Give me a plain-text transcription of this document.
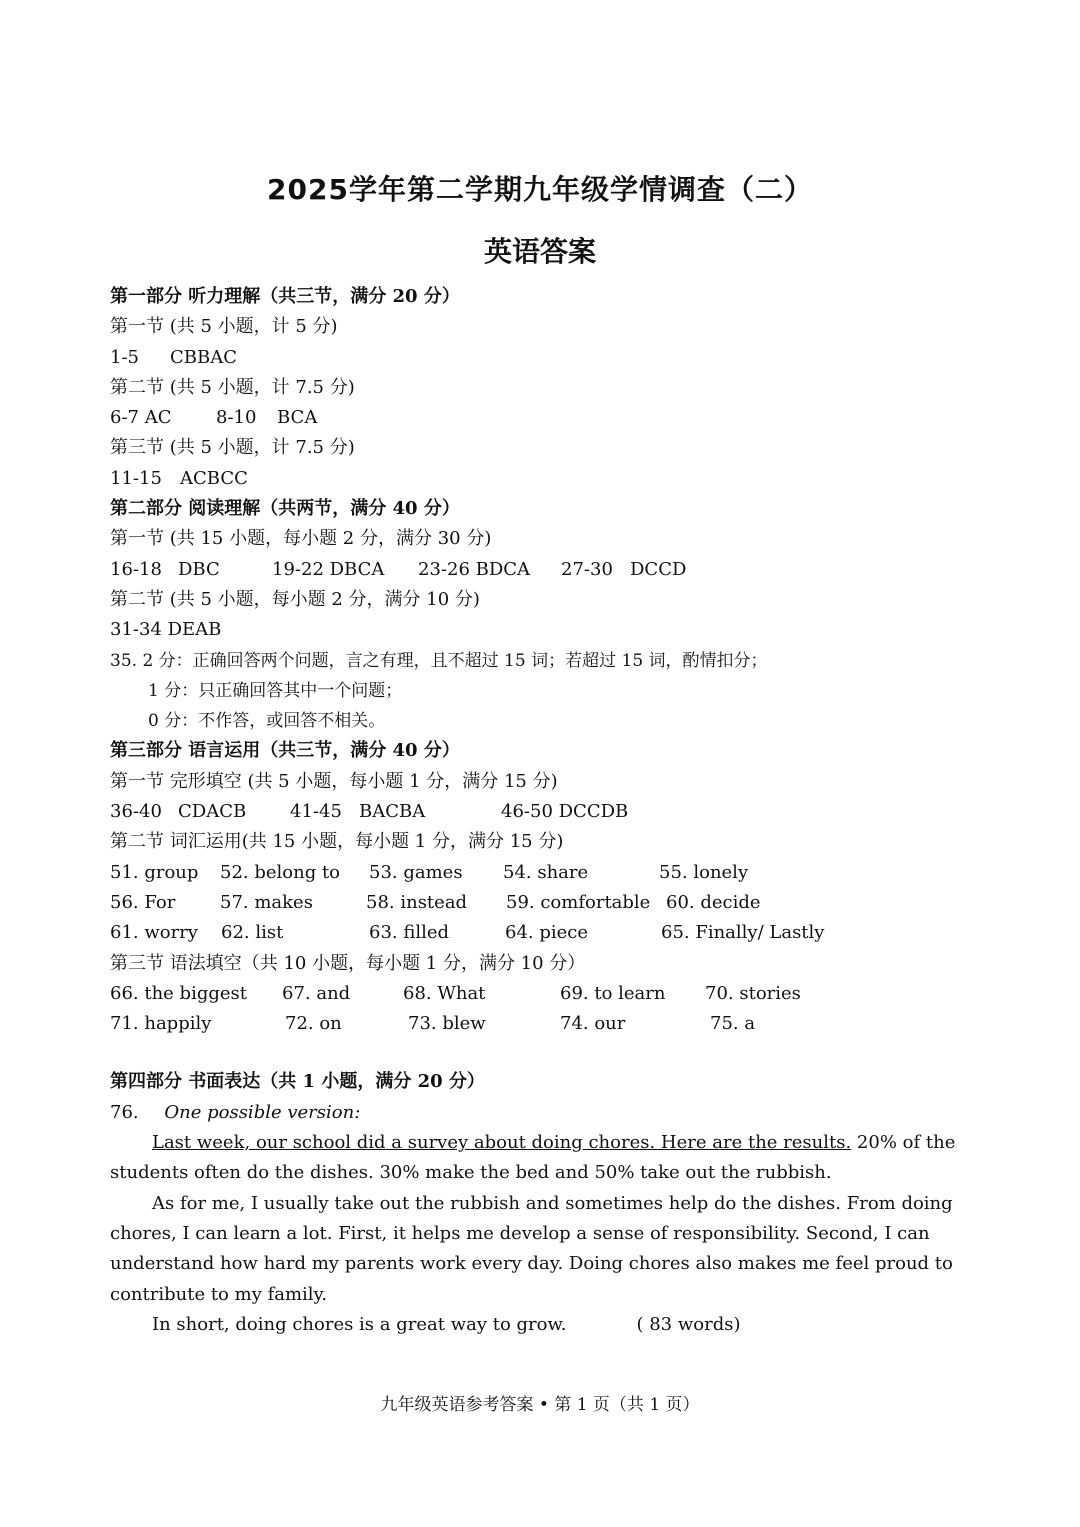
2025学年第二学期九年级学情调查（二）
英语答案
第一部分 听力理解（共三节，满分 20 分）
第一节 (共 5 小题，计 5 分)
1-5 CBBAC
第二节 (共 5 小题，计 7.5 分)
6-7 AC 8-10 BCA
第三节 (共 5 小题，计 7.5 分)
11-15 ACBCC
第二部分 阅读理解（共两节，满分 40 分）
第一节 (共 15 小题，每小题 2 分，满分 30 分)
16-18 DBC	19-22 DBCA 23-26 BDCA 27-30 DCCD
第二节 (共 5 小题，每小题 2 分，满分 10 分)
31-34 DEAB
35. 2 分：正确回答两个问题，言之有理，且不超过 15 词；若超过 15 词，酌情扣分；
1 分：只正确回答其中一个问题；
0 分：不作答，或回答不相关。
第三部分 语言运用（共三节，满分 40 分）
第一节 完形填空 (共 5 小题，每小题 1 分，满分 15 分)
36-40 CDACB 41-45 BACBA	46-50 DCCDB
第二节 词汇运用(共 15 小题，每小题 1 分，满分 15 分)
51. group 52. belong to 53. games 54. share	55. lonely
56. For 57. makes	58. instead 59. comfortable 60. decide
61. worry 62. list	63. filled	64. piece	65. Finally/ Lastly
第三节 语法填空（共 10 小题，每小题 1 分，满分 10 分）
66. the biggest 67. and	68. What	69. to learn 70. stories
71. happily	72. on	73. blew	74. our	75. a
第四部分 书面表达（共 1 小题，满分 20 分）
76. One possible version:

Last week, our school did a survey about doing chores. Here are the results. 20% of the students often do the dishes. 30% make the bed and 50% take out the rubbish.

As for me, I usually take out the rubbish and sometimes help do the dishes. From doing chores, I can learn a lot. First, it helps me develop a sense of responsibility. Second, I can understand how hard my parents work every day. Doing chores also makes me feel proud to contribute to my family.

In short, doing chores is a great way to grow.	( 83 words)

九年级英语参考答案 • 第 1 页（共 1 页）
